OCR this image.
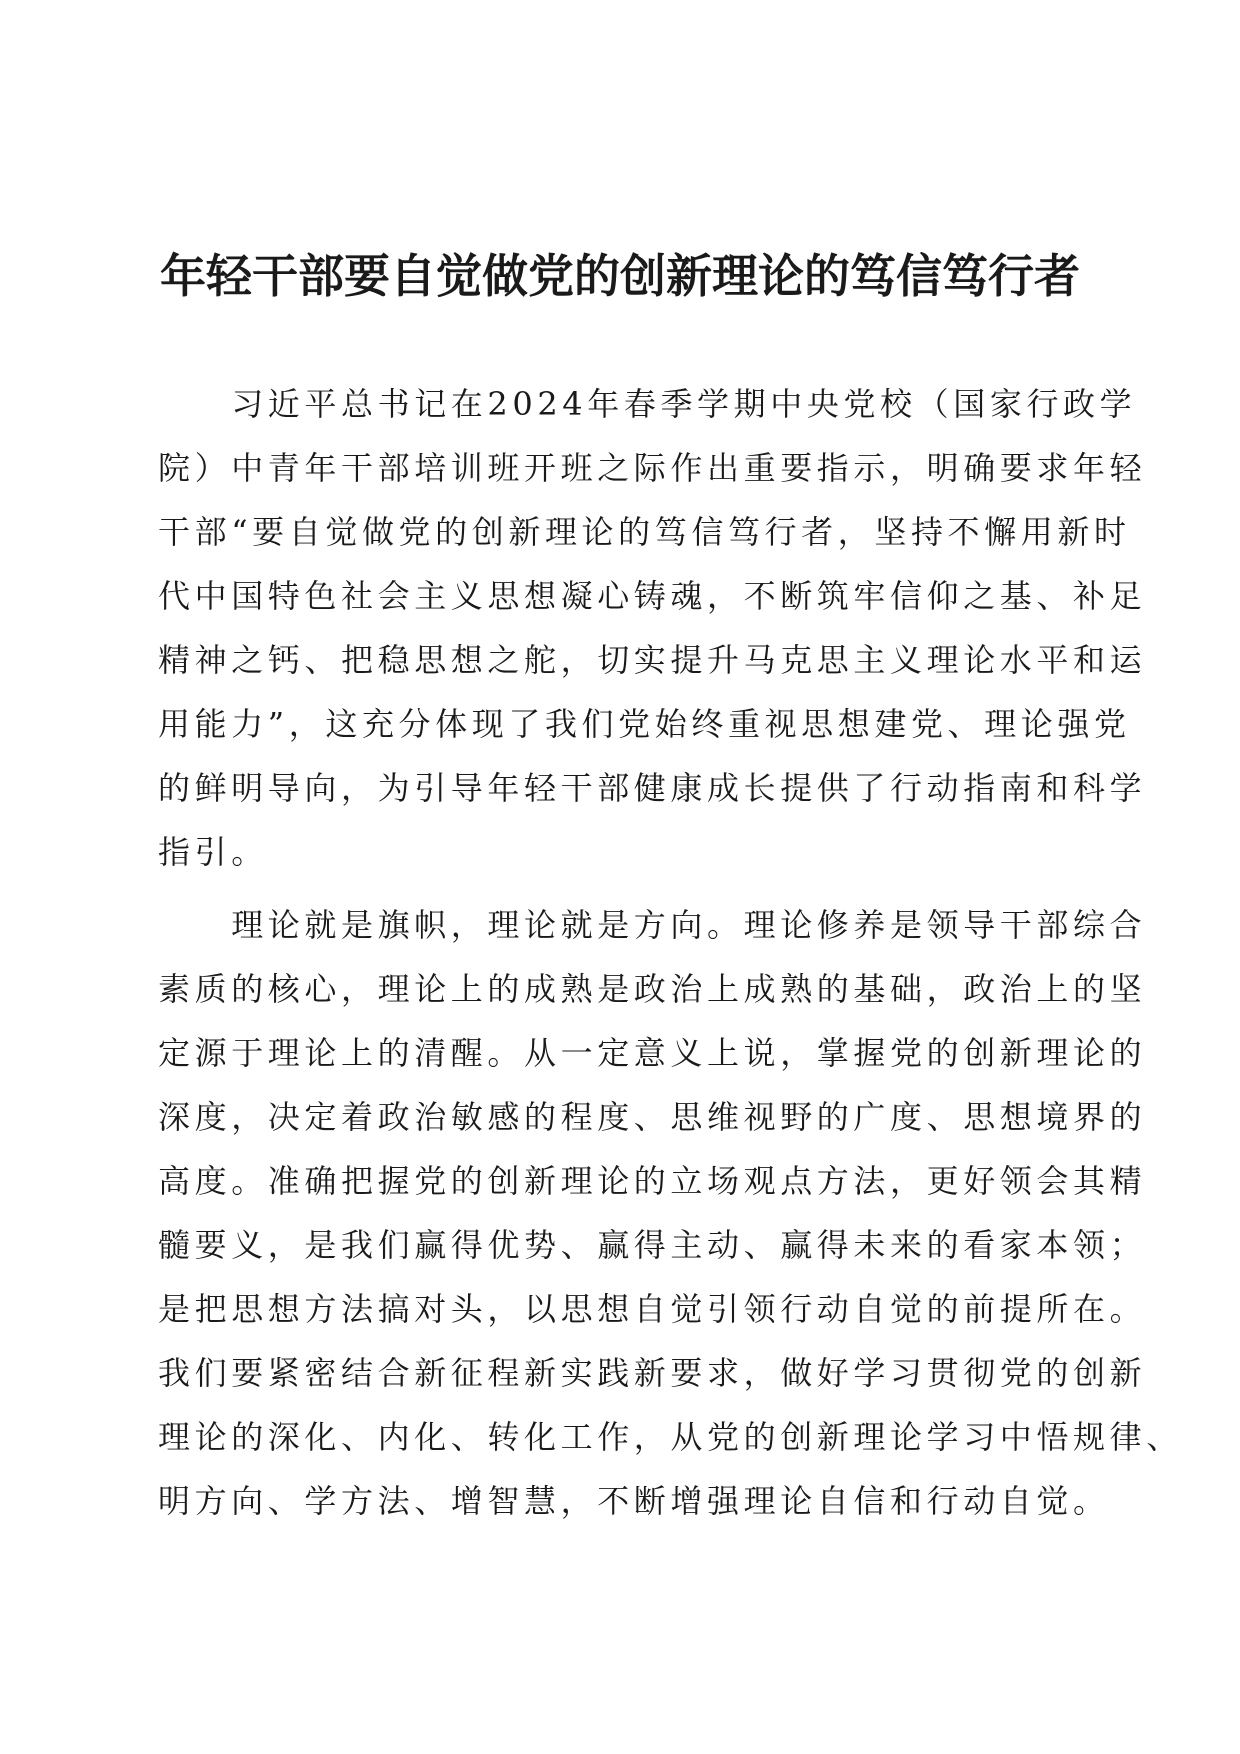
年轻干部要自觉做党的创新理论的笃信笃行者
　　习近平总书记在2024年春季学期中央党校（国家行政学
院）中青年干部培训班开班之际作出重要指示，明确要求年轻
干部“要自觉做党的创新理论的笃信笃行者，坚持不懈用新时
代中国特色社会主义思想凝心铸魂，不断筑牢信仰之基、补足
精神之钙、把稳思想之舵，切实提升马克思主义理论水平和运
用能力”，这充分体现了我们党始终重视思想建党、理论强党
的鲜明导向，为引导年轻干部健康成长提供了行动指南和科学
指引。
　　理论就是旗帜，理论就是方向。理论修养是领导干部综合
素质的核心，理论上的成熟是政治上成熟的基础，政治上的坚
定源于理论上的清醒。从一定意义上说，掌握党的创新理论的
深度，决定着政治敏感的程度、思维视野的广度、思想境界的
高度。准确把握党的创新理论的立场观点方法，更好领会其精
髓要义，是我们赢得优势、赢得主动、赢得未来的看家本领；
是把思想方法搞对头，以思想自觉引领行动自觉的前提所在。
我们要紧密结合新征程新实践新要求，做好学习贯彻党的创新
理论的深化、内化、转化工作，从党的创新理论学习中悟规律、
明方向、学方法、增智慧，不断增强理论自信和行动自觉。
